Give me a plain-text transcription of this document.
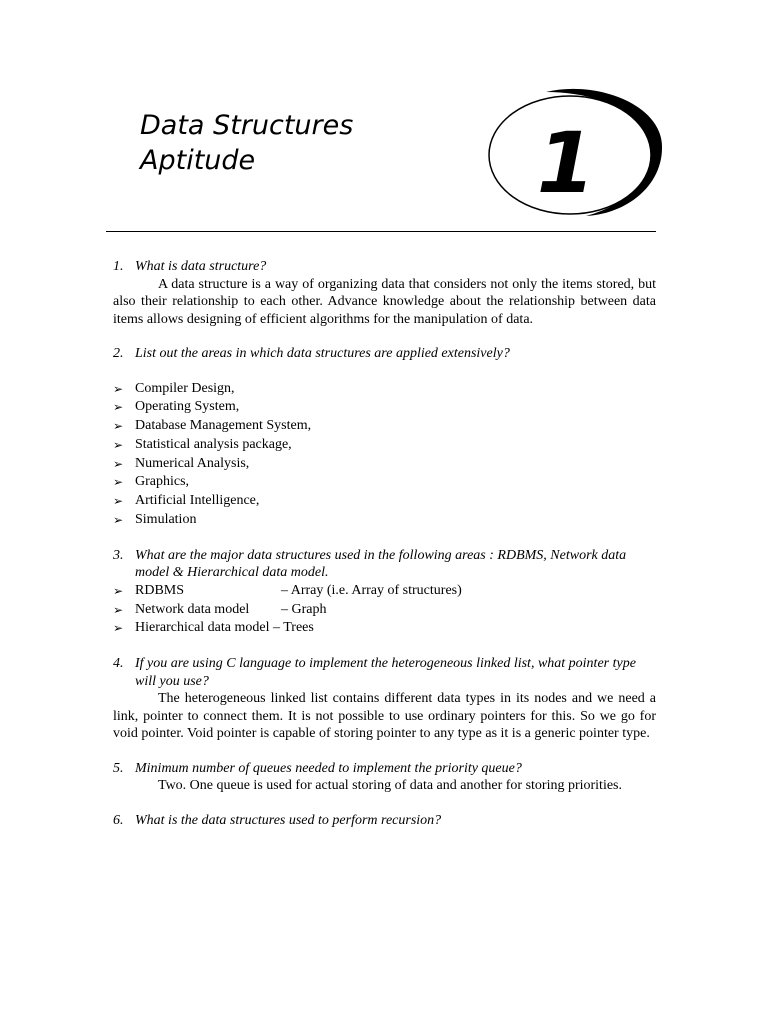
Data Structures
Aptitude	1

1. What is data structure?

A data structure is a way of organizing data that considers not only the items stored, but also their relationship to each other. Advance knowledge about the relationship between data items allows designing of efficient algorithms for the manipulation of data.

2. List out the areas in which data structures are applied extensively?

➢ Compiler Design,
➢ Operating System,
➢ Database Management System,
➢ Statistical analysis package,
➢ Numerical Analysis,
➢ Graphics,
➢ Artificial Intelligence,
➢ Simulation

3. What are the major data structures used in the following areas : RDBMS, Network data model & Hierarchical data model.

➢ RDBMS	– Array (i.e. Array of structures)
➢ Network data model – Graph
➢ Hierarchical data model – Trees

4. If you are using C language to implement the heterogeneous linked list, what pointer type will you use?

The heterogeneous linked list contains different data types in its nodes and we need a link, pointer to connect them. It is not possible to use ordinary pointers for this. So we go for void pointer. Void pointer is capable of storing pointer to any type as it is a generic pointer type.

5. Minimum number of queues needed to implement the priority queue?

Two. One queue is used for actual storing of data and another for storing priorities.

6. What is the data structures used to perform recursion?
